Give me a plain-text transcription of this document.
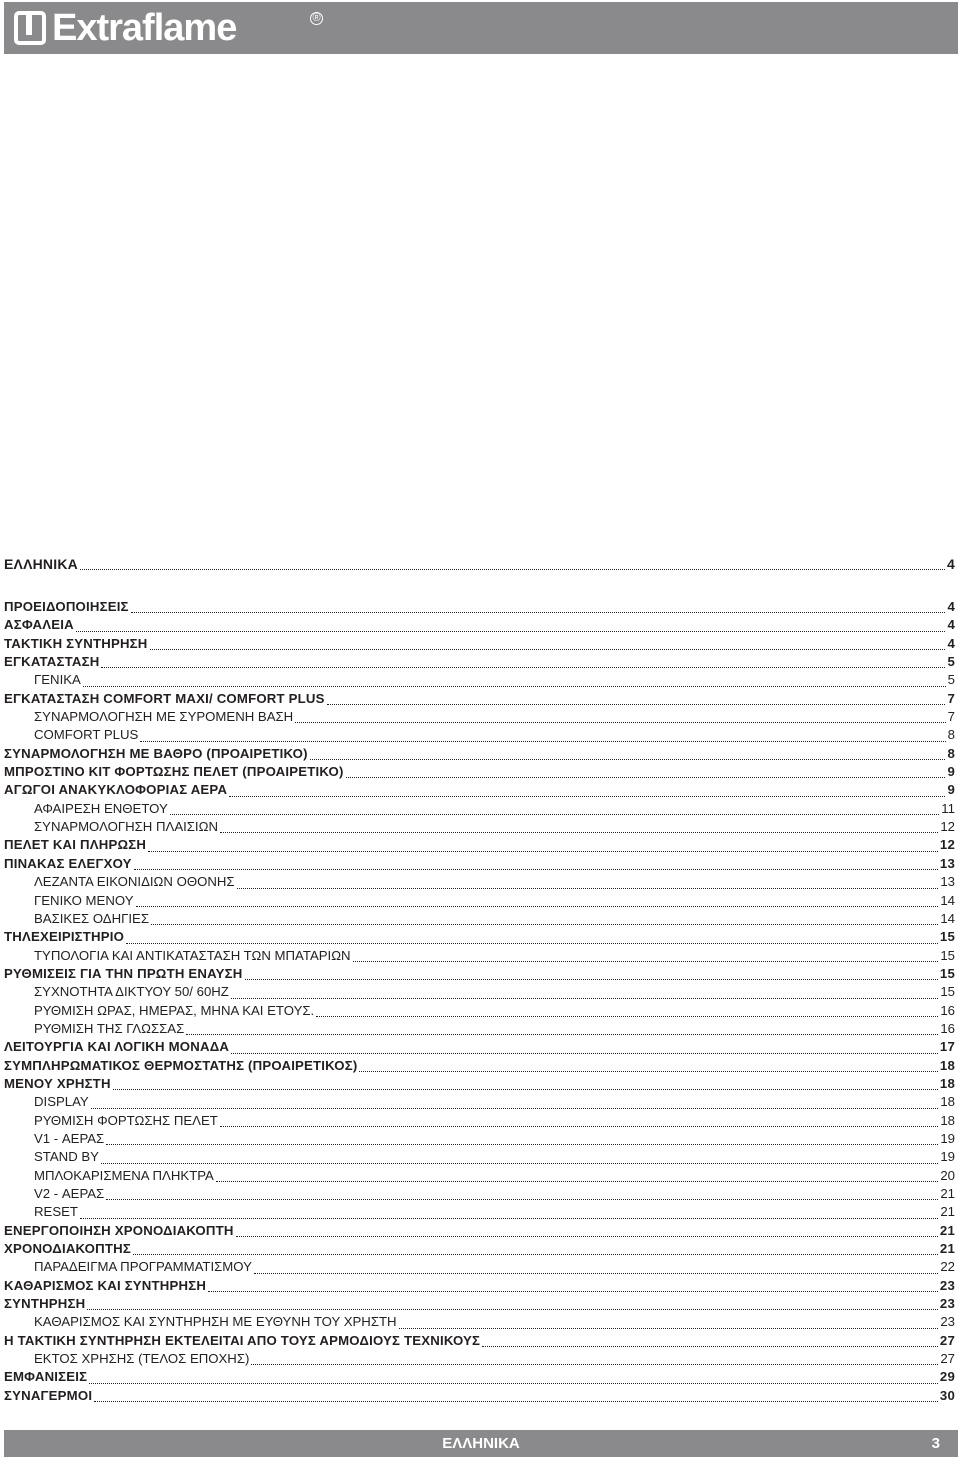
Extraflame	®
ΕΛΛΗΝΙΚΑ	4
ΠΡΟΕΙΔΟΠΟΙΗΣΕΙΣ	4
ΑΣΦΑΛΕΙΑ	4
ΤΑΚΤΙΚΗ ΣΥΝΤΗΡΗΣΗ	4
ΕΓΚΑΤΑΣΤΑΣΗ	5
ΓΕΝΙΚΑ	5
ΕΓΚΑΤΑΣΤΑΣΗ COMFORT MAXI/ COMFORT PLUS	7
ΣΥΝΑΡΜΟΛΟΓΗΣΗ ΜΕ ΣΥΡΟΜΕΝΗ ΒΑΣΗ	7
COMFORT PLUS	8
ΣΥΝΑΡΜΟΛΟΓΗΣΗ ΜΕ ΒΑΘΡΟ (ΠΡΟΑΙΡΕΤΙΚΟ)	8
ΜΠΡΟΣΤΙΝΟ ΚΙΤ ΦΟΡΤΩΣΗΣ ΠΕΛΕΤ (ΠΡΟΑΙΡΕΤΙΚΟ)	9
ΑΓΩΓΟΙ ΑΝΑΚΥΚΛΟΦΟΡΙΑΣ ΑΕΡΑ	9
ΑΦΑΙΡΕΣΗ ΕΝΘΕΤΟΥ	11
ΣΥΝΑΡΜΟΛΟΓΗΣΗ ΠΛΑΙΣΙΩΝ	12
ΠΕΛΕΤ ΚΑΙ ΠΛΗΡΩΣΗ	12
ΠΙΝΑΚΑΣ ΕΛΕΓΧΟΥ	13
ΛΕΖΑΝΤΑ ΕΙΚΟΝΙΔΙΩΝ ΟΘΟΝΗΣ	13
ΓΕΝΙΚΟ ΜΕΝΟΥ	14
ΒΑΣΙΚΕΣ ΟΔΗΓΙΕΣ	14
ΤΗΛΕΧΕΙΡΙΣΤΗΡΙΟ	15
ΤΥΠΟΛΟΓΙΑ ΚΑΙ ΑΝΤΙΚΑΤΑΣΤΑΣΗ ΤΩΝ ΜΠΑΤΑΡΙΩΝ	15
ΡΥΘΜΙΣΕΙΣ ΓΙΑ ΤΗΝ ΠΡΩΤΗ ΕΝΑΥΣΗ	15
ΣΥΧΝΟΤΗΤΑ ΔΙΚΤΥΟΥ 50/ 60HZ	15
ΡΥΘΜΙΣΗ ΩΡΑΣ, ΗΜΕΡΑΣ, ΜΗΝΑ ΚΑΙ ΕΤΟΥΣ.	16
ΡΥΘΜΙΣΗ ΤΗΣ ΓΛΩΣΣΑΣ	16
ΛΕΙΤΟΥΡΓΙΑ ΚΑΙ ΛΟΓΙΚΗ ΜΟΝΑΔΑ	17
ΣΥΜΠΛΗΡΩΜΑΤΙΚΟΣ ΘΕΡΜΟΣΤΑΤΗΣ (ΠΡΟΑΙΡΕΤΙΚΟΣ)	18
ΜΕΝΟΥ ΧΡΗΣΤΗ	18
DISPLAY	18
ΡΥΘΜΙΣΗ ΦΟΡΤΩΣΗΣ ΠΕΛΕΤ	18
V1 - ΑΕΡΑΣ	19
STAND BY	19
ΜΠΛΟΚΑΡΙΣΜΕΝΑ ΠΛΗΚΤΡΑ	20
V2 - ΑΕΡΑΣ	21
RESET	21
ΕΝΕΡΓΟΠΟΙΗΣΗ ΧΡΟΝΟΔΙΑΚΟΠΤΗ	21
ΧΡΟΝΟΔΙΑΚΟΠΤΗΣ	21
ΠΑΡΑΔΕΙΓΜΑ ΠΡΟΓΡΑΜΜΑΤΙΣΜΟΥ	22
ΚΑΘΑΡΙΣΜΟΣ ΚΑΙ ΣΥΝΤΗΡΗΣΗ	23
ΣΥΝΤΗΡΗΣΗ	23
ΚΑΘΑΡΙΣΜΟΣ ΚΑΙ ΣΥΝΤΗΡΗΣΗ ΜΕ ΕΥΘΥΝΗ ΤΟΥ ΧΡΗΣΤΗ	23
Η ΤΑΚΤΙΚΗ ΣΥΝΤΗΡΗΣΗ ΕΚΤΕΛΕΙΤΑΙ ΑΠΟ ΤΟΥΣ ΑΡΜΟΔΙΟΥΣ ΤΕΧΝΙΚΟΥΣ	27
ΕΚΤΟΣ ΧΡΗΣΗΣ (ΤΕΛΟΣ ΕΠΟΧΗΣ)	27
ΕΜΦΑΝΙΣΕΙΣ	29
ΣΥΝΑΓΕΡΜΟΙ	30
ΕΛΛΗΝΙΚΑ	3
